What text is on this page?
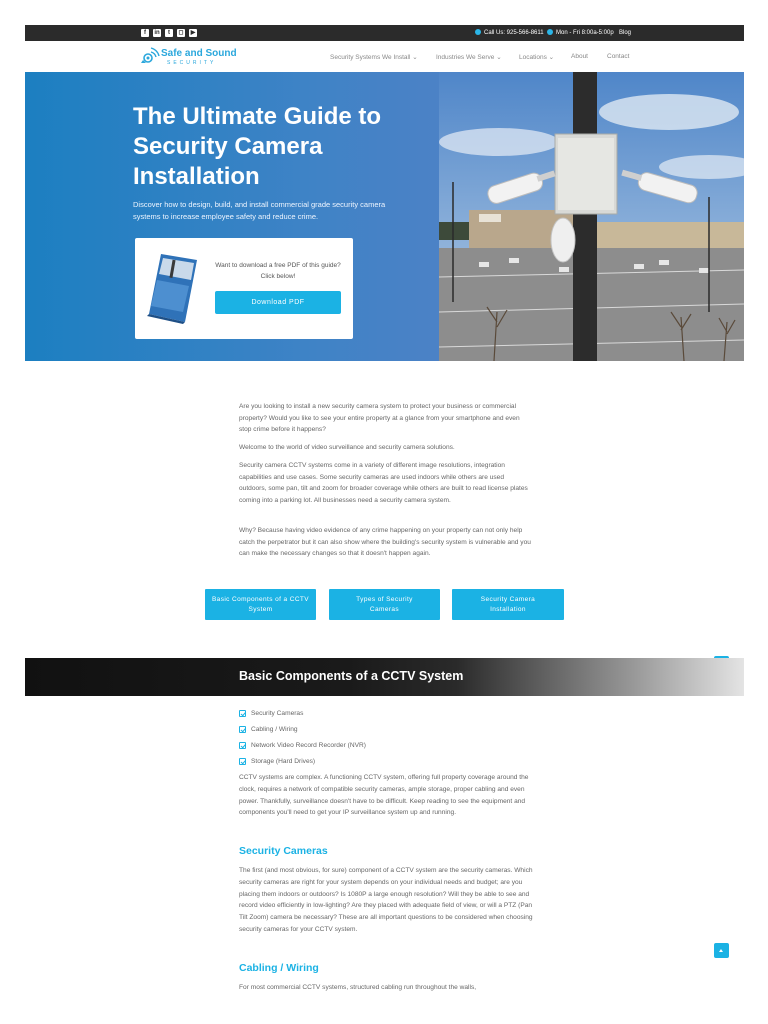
f	in	t	◻ ▶	Call Us: 925-566-8611	Mon - Fri 8:00a-5:00p Blog
Safe and Sound
SECURITY
Security Systems We Install ⌄	Industries We Serve ⌄	Locations ⌄	About	Contact
The Ultimate Guide to Security Camera Installation
Discover how to design, build, and install commercial grade security camera systems to increase employee safety and reduce crime.
Want to download a free PDF of this guide? Click below!
Download PDF
Are you looking to install a new security camera system to protect your business or commercial property? Would you like to see your entire property at a glance from your smartphone and even stop crime before it happens?
Welcome to the world of video surveillance and security camera solutions.
Security camera CCTV systems come in a variety of different image resolutions, integration capabilities and use cases. Some security cameras are used indoors while others are used outdoors, some pan, tilt and zoom for broader coverage while others are built to read license plates coming into a parking lot. All businesses need a security camera system.
Why? Because having video evidence of any crime happening on your property can not only help catch the perpetrator but it can also show where the building's security system is vulnerable and you can make the necessary changes so that it doesn't happen again.
Basic Components of a CCTV System
Types of Security Cameras
Security Camera Installation
Basic Components of a CCTV System
Security Cameras
Cabling / Wiring
Network Video Record Recorder (NVR)
Storage (Hard Drives)
CCTV systems are complex. A functioning CCTV system, offering full property coverage around the clock, requires a network of compatible security cameras, ample storage, proper cabling and even power. Thankfully, surveillance doesn't have to be difficult. Keep reading to see the equipment and components you'll need to get your IP surveillance system up and running.
Security Cameras
The first (and most obvious, for sure) component of a CCTV system are the security cameras. Which security cameras are right for your system depends on your individual needs and budget; are you placing them indoors or outdoors? Is 1080P a large enough resolution? Will they be able to see and record video efficiently in low-lighting? Are they placed with adequate field of view, or will a PTZ (Pan Tilt Zoom) camera be necessary? These are all important questions to be considered when choosing security cameras for your CCTV system.
Cabling / Wiring
For most commercial CCTV systems, structured cabling run throughout the walls,
